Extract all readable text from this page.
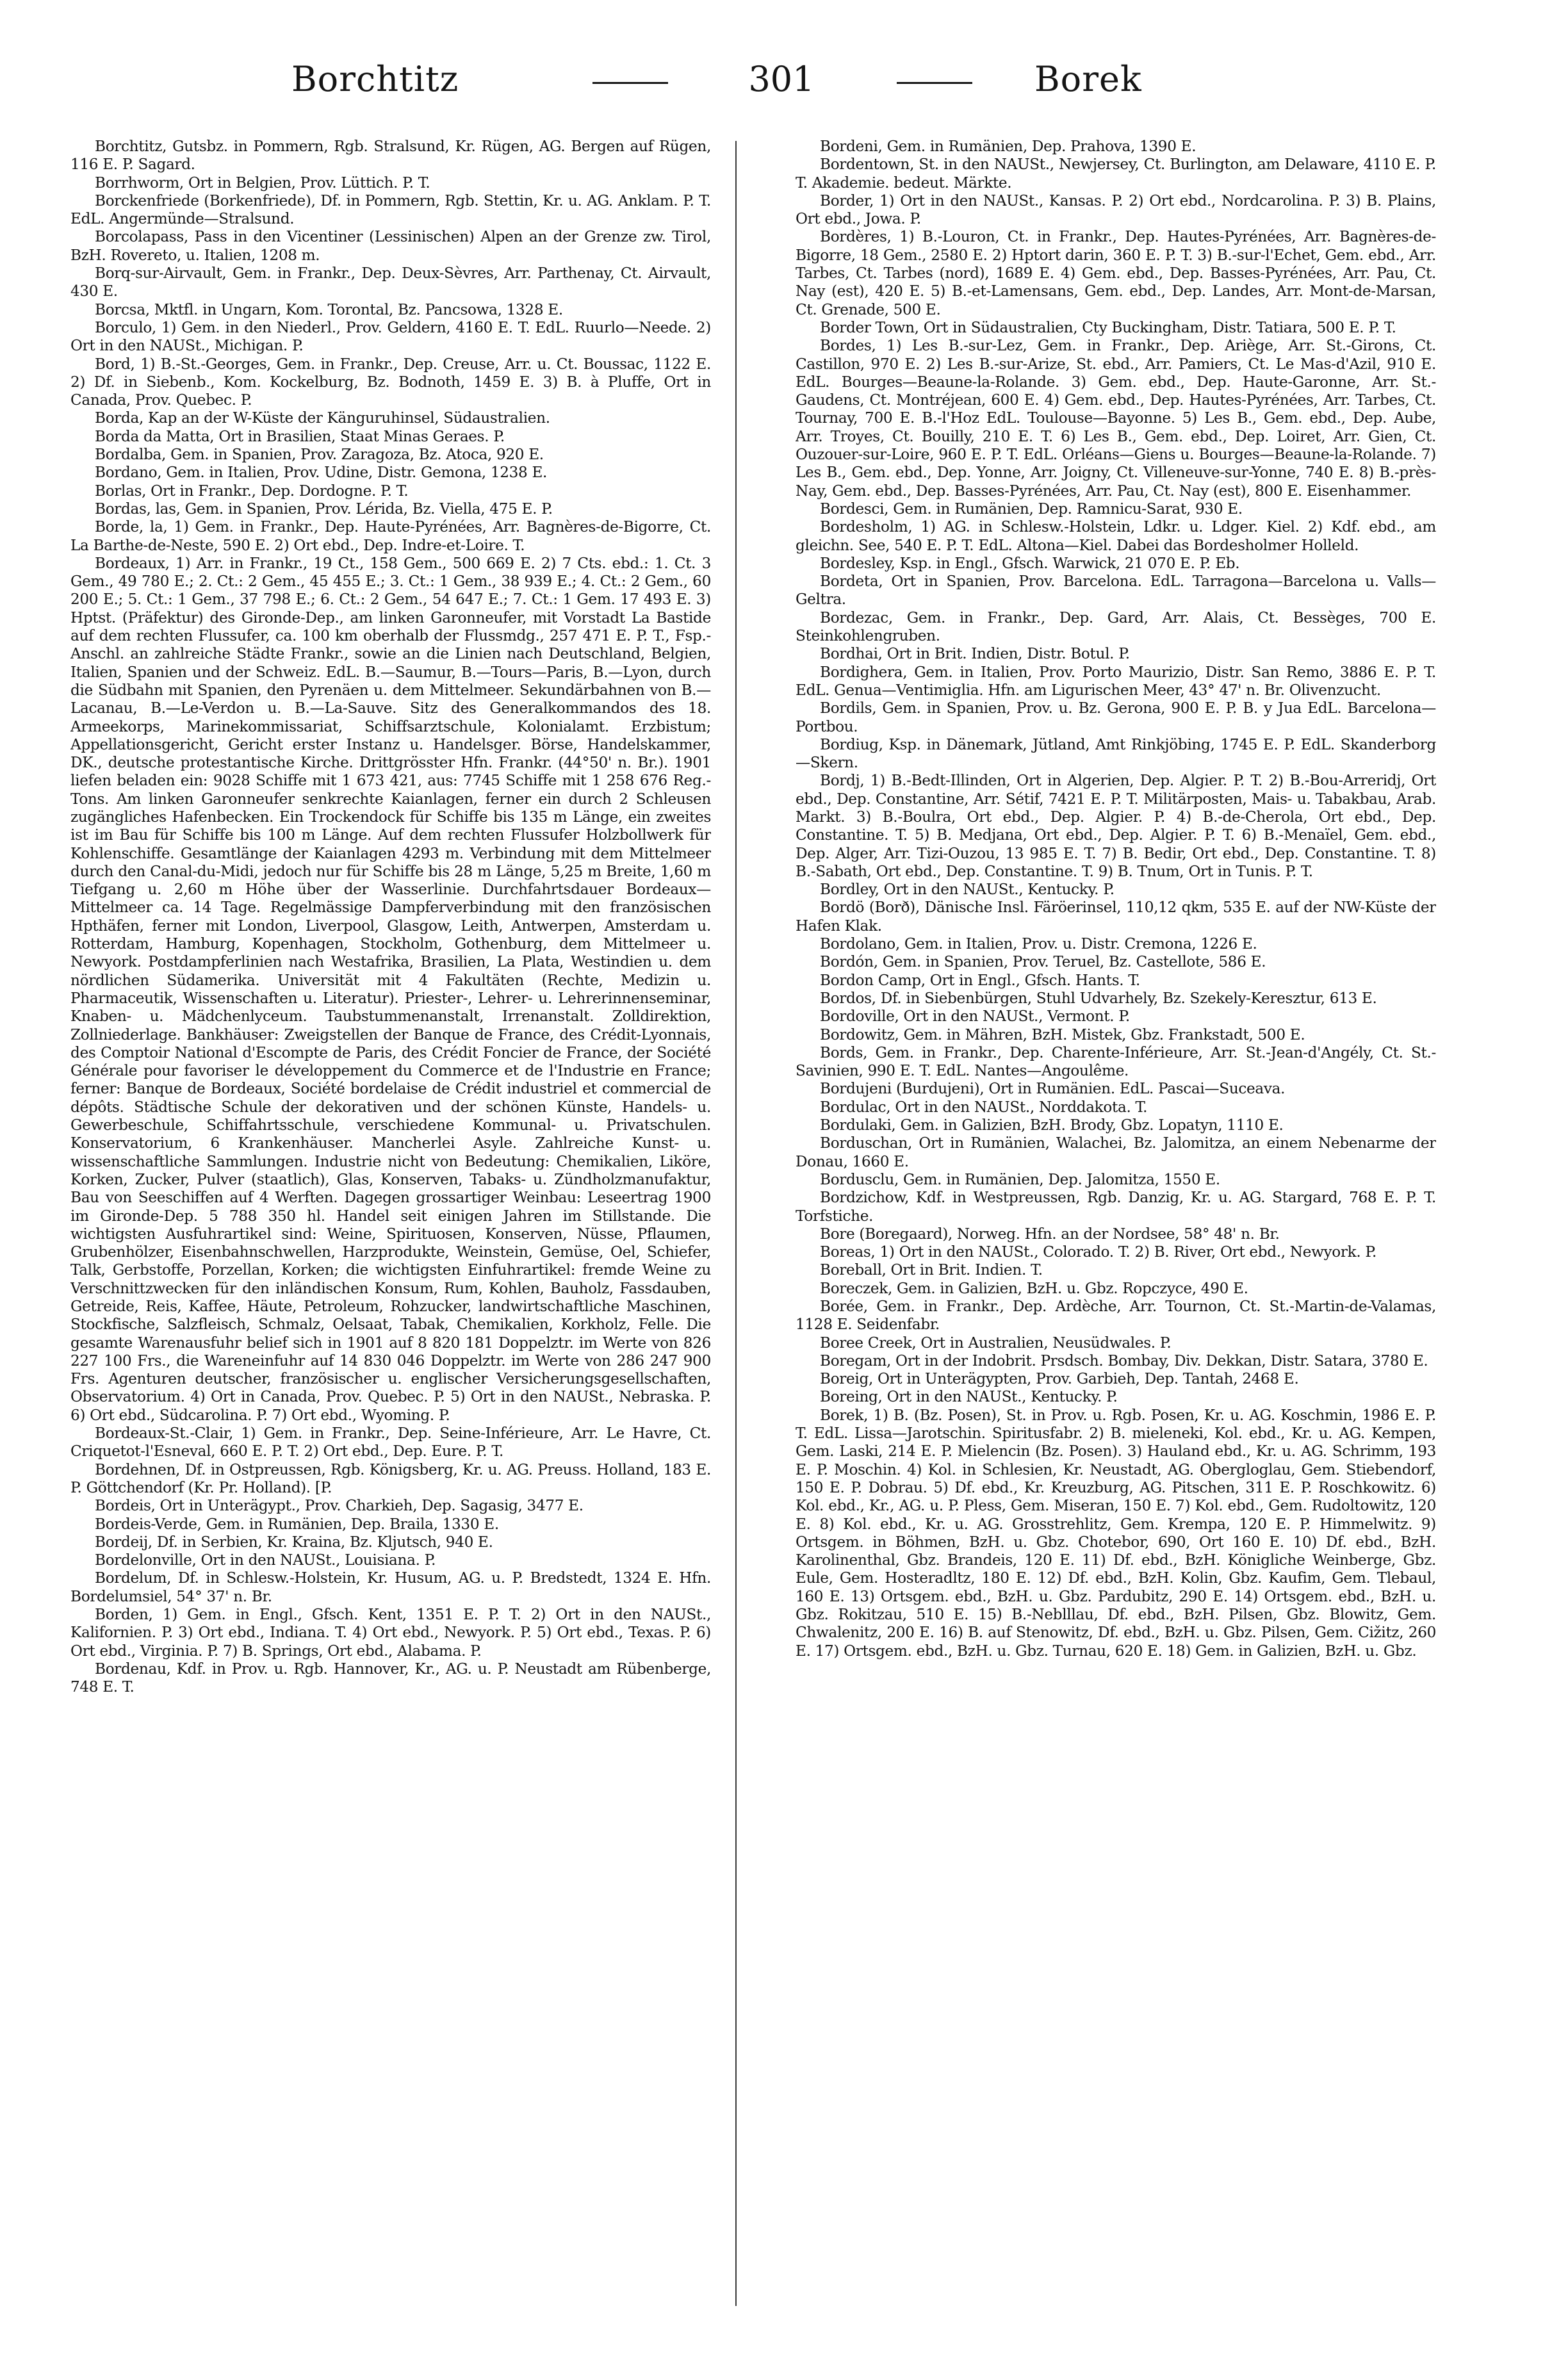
Borchtitz	301	Borek

Borchtitz, Gutsbz. in Pommern, Rgb. Stralsund, Kr. Rügen, AG. Bergen auf Rügen, 116 E. P. Sagard.

Borrhworm, Ort in Belgien, Prov. Lüttich. P. T.

Borckenfriede (Borkenfriede), Df. in Pommern, Rgb. Stettin, Kr. u. AG. Anklam. P. T. EdL. Angermünde—Stralsund.

Borcolapass, Pass in den Vicentiner (Lessinischen) Alpen an der Grenze zw. Tirol, BzH. Rovereto, u. Italien, 1208 m.

Borq-sur-Airvault, Gem. in Frankr., Dep. Deux-Sèvres, Arr. Parthenay, Ct. Airvault, 430 E.

Borcsa, Mktfl. in Ungarn, Kom. Torontal, Bz. Pancsowa, 1328 E.

Borculo, 1) Gem. in den Niederl., Prov. Geldern, 4160 E. T. EdL. Ruurlo—Neede. 2) Ort in den NAUSt., Michigan. P.

Bord, 1) B.-St.-Georges, Gem. in Frankr., Dep. Creuse, Arr. u. Ct. Boussac, 1122 E. 2) Df. in Siebenb., Kom. Kockelburg, Bz. Bodnoth, 1459 E. 3) B. à Pluffe, Ort in Canada, Prov. Quebec. P.

Borda, Kap an der W-Küste der Känguruhinsel, Südaustralien.

Borda da Matta, Ort in Brasilien, Staat Minas Geraes. P.

Bordalba, Gem. in Spanien, Prov. Zaragoza, Bz. Atoca, 920 E.

Bordano, Gem. in Italien, Prov. Udine, Distr. Gemona, 1238 E.

Borlas, Ort in Frankr., Dep. Dordogne. P. T.

Bordas, las, Gem. in Spanien, Prov. Lérida, Bz. Viella, 475 E. P.

Borde, la, 1) Gem. in Frankr., Dep. Haute-Pyrénées, Arr. Bagnères-de-Bigorre, Ct. La Barthe-de-Neste, 590 E. 2) Ort ebd., Dep. Indre-et-Loire. T.

Bordeaux, 1) Arr. in Frankr., 19 Ct., 158 Gem., 500 669 E. 2) 7 Cts. ebd.: 1. Ct. 3 Gem., 49 780 E.; 2. Ct.: 2 Gem., 45 455 E.; 3. Ct.: 1 Gem., 38 939 E.; 4. Ct.: 2 Gem., 60 200 E.; 5. Ct.: 1 Gem., 37 798 E.; 6. Ct.: 2 Gem., 54 647 E.; 7. Ct.: 1 Gem. 17 493 E. 3) Hptst. (Präfektur) des Gironde-Dep., am linken Garonneufer, mit Vorstadt La Bastide auf dem rechten Flussufer, ca. 100 km oberhalb der Flussmdg., 257 471 E. P. T., Fsp.-Anschl. an zahlreiche Städte Frankr., sowie an die Linien nach Deutschland, Belgien, Italien, Spanien und der Schweiz. EdL. B.—Saumur, B.—Tours—Paris, B.—Lyon, durch die Südbahn mit Spanien, den Pyrenäen u. dem Mittelmeer. Sekundärbahnen von B.—Lacanau, B.—Le-Verdon u. B.—La-Sauve. Sitz des Generalkommandos des 18. Armeekorps, Marinekommissariat, Schiffsarztschule, Kolonialamt. Erzbistum; Appellationsgericht, Gericht erster Instanz u. Handelsger. Börse, Handelskammer, DK., deutsche protestantische Kirche. Drittgrösster Hfn. Frankr. (44°50' n. Br.). 1901 liefen beladen ein: 9028 Schiffe mit 1 673 421, aus: 7745 Schiffe mit 1 258 676 Reg.-Tons. Am linken Garonneufer senkrechte Kaianlagen, ferner ein durch 2 Schleusen zugängliches Hafenbecken. Ein Trockendock für Schiffe bis 135 m Länge, ein zweites ist im Bau für Schiffe bis 100 m Länge. Auf dem rechten Flussufer Holzbollwerk für Kohlenschiffe. Gesamtlänge der Kaianlagen 4293 m. Verbindung mit dem Mittelmeer durch den Canal-du-Midi, jedoch nur für Schiffe bis 28 m Länge, 5,25 m Breite, 1,60 m Tiefgang u. 2,60 m Höhe über der Wasserlinie. Durchfahrtsdauer Bordeaux—Mittelmeer ca. 14 Tage. Regelmässige Dampferverbindung mit den französischen Hpthäfen, ferner mit London, Liverpool, Glasgow, Leith, Antwerpen, Amsterdam u. Rotterdam, Hamburg, Kopenhagen, Stockholm, Gothenburg, dem Mittelmeer u. Newyork. Postdampferlinien nach Westafrika, Brasilien, La Plata, Westindien u. dem nördlichen Südamerika. Universität mit 4 Fakultäten (Rechte, Medizin u. Pharmaceutik, Wissenschaften u. Literatur). Priester-, Lehrer- u. Lehrerinnenseminar, Knaben- u. Mädchenlyceum. Taubstummenanstalt, Irrenanstalt. Zolldirektion, Zollniederlage. Bankhäuser: Zweigstellen der Banque de France, des Crédit-Lyonnais, des Comptoir National d'Escompte de Paris, des Crédit Foncier de France, der Société Générale pour favoriser le développement du Commerce et de l'Industrie en France; ferner: Banque de Bordeaux, Société bordelaise de Crédit industriel et commercial de dépôts. Städtische Schule der dekorativen und der schönen Künste, Handels- u. Gewerbeschule, Schiffahrtsschule, verschiedene Kommunal- u. Privatschulen. Konservatorium, 6 Krankenhäuser. Mancherlei Asyle. Zahlreiche Kunst- u. wissenschaftliche Sammlungen. Industrie nicht von Bedeutung: Chemikalien, Liköre, Korken, Zucker, Pulver (staatlich), Glas, Konserven, Tabaks- u. Zündholzmanufaktur, Bau von Seeschiffen auf 4 Werften. Dagegen grossartiger Weinbau: Leseertrag 1900 im Gironde-Dep. 5 788 350 hl. Handel seit einigen Jahren im Stillstande. Die wichtigsten Ausfuhrartikel sind: Weine, Spirituosen, Konserven, Nüsse, Pflaumen, Grubenhölzer, Eisenbahnschwellen, Harzprodukte, Weinstein, Gemüse, Oel, Schiefer, Talk, Gerbstoffe, Porzellan, Korken; die wichtigsten Einfuhrartikel: fremde Weine zu Verschnittzwecken für den inländischen Konsum, Rum, Kohlen, Bauholz, Fassdauben, Getreide, Reis, Kaffee, Häute, Petroleum, Rohzucker, landwirtschaftliche Maschinen, Stockfische, Salzfleisch, Schmalz, Oelsaat, Tabak, Chemikalien, Korkholz, Felle. Die gesamte Warenausfuhr belief sich in 1901 auf 8 820 181 Doppelztr. im Werte von 826 227 100 Frs., die Wareneinfuhr auf 14 830 046 Doppelztr. im Werte von 286 247 900 Frs. Agenturen deutscher, französischer u. englischer Versicherungsgesellschaften, Observatorium. 4) Ort in Canada, Prov. Quebec. P. 5) Ort in den NAUSt., Nebraska. P. 6) Ort ebd., Südcarolina. P. 7) Ort ebd., Wyoming. P.

Bordeaux-St.-Clair, 1) Gem. in Frankr., Dep. Seine-Inférieure, Arr. Le Havre, Ct. Criquetot-l'Esneval, 660 E. P. T. 2) Ort ebd., Dep. Eure. P. T.

Bordehnen, Df. in Ostpreussen, Rgb. Königsberg, Kr. u. AG. Preuss. Holland, 183 E. P. Göttchendorf (Kr. Pr. Holland). [P.

Bordeis, Ort in Unterägypt., Prov. Charkieh, Dep. Sagasig, 3477 E.

Bordeis-Verde, Gem. in Rumänien, Dep. Braila, 1330 E.

Bordeij, Df. in Serbien, Kr. Kraina, Bz. Kljutsch, 940 E.

Bordelonville, Ort in den NAUSt., Louisiana. P.

Bordelum, Df. in Schlesw.-Holstein, Kr. Husum, AG. u. P. Bredstedt, 1324 E. Hfn. Bordelumsiel, 54° 37' n. Br.

Borden, 1) Gem. in Engl., Gfsch. Kent, 1351 E. P. T. 2) Ort in den NAUSt., Kalifornien. P. 3) Ort ebd., Indiana. T. 4) Ort ebd., Newyork. P. 5) Ort ebd., Texas. P. 6) Ort ebd., Virginia. P. 7) B. Springs, Ort ebd., Alabama. P.

Bordenau, Kdf. in Prov. u. Rgb. Hannover, Kr., AG. u. P. Neustadt am Rübenberge, 748 E. T.

Bordeni, Gem. in Rumänien, Dep. Prahova, 1390 E.

Bordentown, St. in den NAUSt., Newjersey, Ct. Burlington, am Delaware, 4110 E. P. T. Akademie. bedeut. Märkte.

Border, 1) Ort in den NAUSt., Kansas. P. 2) Ort ebd., Nordcarolina. P. 3) B. Plains, Ort ebd., Jowa. P.

Bordères, 1) B.-Louron, Ct. in Frankr., Dep. Hautes-Pyrénées, Arr. Bagnères-de-Bigorre, 18 Gem., 2580 E. 2) Hptort darin, 360 E. P. T. 3) B.-sur-l'Echet, Gem. ebd., Arr. Tarbes, Ct. Tarbes (nord), 1689 E. 4) Gem. ebd., Dep. Basses-Pyrénées, Arr. Pau, Ct. Nay (est), 420 E. 5) B.-et-Lamensans, Gem. ebd., Dep. Landes, Arr. Mont-de-Marsan, Ct. Grenade, 500 E.

Border Town, Ort in Südaustralien, Cty Buckingham, Distr. Tatiara, 500 E. P. T.

Bordes, 1) Les B.-sur-Lez, Gem. in Frankr., Dep. Ariège, Arr. St.-Girons, Ct. Castillon, 970 E. 2) Les B.-sur-Arize, St. ebd., Arr. Pamiers, Ct. Le Mas-d'Azil, 910 E. EdL. Bourges—Beaune-la-Rolande. 3) Gem. ebd., Dep. Haute-Garonne, Arr. St.-Gaudens, Ct. Montréjean, 600 E. 4) Gem. ebd., Dep. Hautes-Pyrénées, Arr. Tarbes, Ct. Tournay, 700 E. B.-l'Hoz EdL. Toulouse—Bayonne. 5) Les B., Gem. ebd., Dep. Aube, Arr. Troyes, Ct. Bouilly, 210 E. T. 6) Les B., Gem. ebd., Dep. Loiret, Arr. Gien, Ct. Ouzouer-sur-Loire, 960 E. P. T. EdL. Orléans—Giens u. Bourges—Beaune-la-Rolande. 7) Les B., Gem. ebd., Dep. Yonne, Arr. Joigny, Ct. Villeneuve-sur-Yonne, 740 E. 8) B.-près-Nay, Gem. ebd., Dep. Basses-Pyrénées, Arr. Pau, Ct. Nay (est), 800 E. Eisenhammer.

Bordesci, Gem. in Rumänien, Dep. Ramnicu-Sarat, 930 E.

Bordesholm, 1) AG. in Schlesw.-Holstein, Ldkr. u. Ldger. Kiel. 2) Kdf. ebd., am gleichn. See, 540 E. P. T. EdL. Altona—Kiel. Dabei das Bordesholmer Holleld.

Bordesley, Ksp. in Engl., Gfsch. Warwick, 21 070 E. P. Eb.

Bordeta, Ort in Spanien, Prov. Barcelona. EdL. Tarragona—Barcelona u. Valls—Geltra.

Bordezac, Gem. in Frankr., Dep. Gard, Arr. Alais, Ct. Bessèges, 700 E. Steinkohlengruben.

Bordhai, Ort in Brit. Indien, Distr. Botul. P.

Bordighera, Gem. in Italien, Prov. Porto Maurizio, Distr. San Remo, 3886 E. P. T. EdL. Genua—Ventimiglia. Hfn. am Ligurischen Meer, 43° 47' n. Br. Olivenzucht.

Bordils, Gem. in Spanien, Prov. u. Bz. Gerona, 900 E. P. B. y Jua EdL. Barcelona—Portbou.

Bordiug, Ksp. in Dänemark, Jütland, Amt Rinkjöbing, 1745 E. P. EdL. Skanderborg—Skern.

Bordj, 1) B.-Bedt-Illinden, Ort in Algerien, Dep. Algier. P. T. 2) B.-Bou-Arreridj, Ort ebd., Dep. Constantine, Arr. Sétif, 7421 E. P. T. Militärposten, Mais- u. Tabakbau, Arab. Markt. 3) B.-Boulra, Ort ebd., Dep. Algier. P. 4) B.-de-Cherola, Ort ebd., Dep. Constantine. T. 5) B. Medjana, Ort ebd., Dep. Algier. P. T. 6) B.-Menaïel, Gem. ebd., Dep. Alger, Arr. Tizi-Ouzou, 13 985 E. T. 7) B. Bedir, Ort ebd., Dep. Constantine. T. 8) B.-Sabath, Ort ebd., Dep. Constantine. T. 9) B. Tnum, Ort in Tunis. P. T.

Bordley, Ort in den NAUSt., Kentucky. P.

Bordö (Borð), Dänische Insl. Färöerinsel, 110,12 qkm, 535 E. auf der NW-Küste der Hafen Klak.

Bordolano, Gem. in Italien, Prov. u. Distr. Cremona, 1226 E.

Bordón, Gem. in Spanien, Prov. Teruel, Bz. Castellote, 586 E.

Bordon Camp, Ort in Engl., Gfsch. Hants. T.

Bordos, Df. in Siebenbürgen, Stuhl Udvarhely, Bz. Szekely-Keresztur, 613 E.

Bordoville, Ort in den NAUSt., Vermont. P.

Bordowitz, Gem. in Mähren, BzH. Mistek, Gbz. Frankstadt, 500 E.

Bords, Gem. in Frankr., Dep. Charente-Inférieure, Arr. St.-Jean-d'Angély, Ct. St.-Savinien, 990 E. T. EdL. Nantes—Angoulême.

Bordujeni (Burdujeni), Ort in Rumänien. EdL. Pascai—Suceava.

Bordulac, Ort in den NAUSt., Norddakota. T.

Bordulaki, Gem. in Galizien, BzH. Brody, Gbz. Lopatyn, 1110 E.

Borduschan, Ort in Rumänien, Walachei, Bz. Jalomitza, an einem Nebenarme der Donau, 1660 E.

Bordusclu, Gem. in Rumänien, Dep. Jalomitza, 1550 E.

Bordzichow, Kdf. in Westpreussen, Rgb. Danzig, Kr. u. AG. Stargard, 768 E. P. T. Torfstiche.

Bore (Boregaard), Norweg. Hfn. an der Nordsee, 58° 48' n. Br.

Boreas, 1) Ort in den NAUSt., Colorado. T. 2) B. River, Ort ebd., Newyork. P.

Boreball, Ort in Brit. Indien. T.

Boreczek, Gem. in Galizien, BzH. u. Gbz. Ropczyce, 490 E.

Borée, Gem. in Frankr., Dep. Ardèche, Arr. Tournon, Ct. St.-Martin-de-Valamas, 1128 E. Seidenfabr.

Boree Creek, Ort in Australien, Neusüdwales. P.

Boregam, Ort in der Indobrit. Prsdsch. Bombay, Div. Dekkan, Distr. Satara, 3780 E.

Boreig, Ort in Unterägypten, Prov. Garbieh, Dep. Tantah, 2468 E.

Boreing, Ort in den NAUSt., Kentucky. P.

Borek, 1) B. (Bz. Posen), St. in Prov. u. Rgb. Posen, Kr. u. AG. Koschmin, 1986 E. P. T. EdL. Lissa—Jarotschin. Spiritusfabr. 2) B. mieleneki, Kol. ebd., Kr. u. AG. Kempen, Gem. Laski, 214 E. P. Mielencin (Bz. Posen). 3) Hauland ebd., Kr. u. AG. Schrimm, 193 E. P. Moschin. 4) Kol. in Schlesien, Kr. Neustadt, AG. Obergloglau, Gem. Stiebendorf, 150 E. P. Dobrau. 5) Df. ebd., Kr. Kreuzburg, AG. Pitschen, 311 E. P. Roschkowitz. 6) Kol. ebd., Kr., AG. u. P. Pless, Gem. Miseran, 150 E. 7) Kol. ebd., Gem. Rudoltowitz, 120 E. 8) Kol. ebd., Kr. u. AG. Grosstrehlitz, Gem. Krempa, 120 E. P. Himmelwitz. 9) Ortsgem. in Böhmen, BzH. u. Gbz. Chotebor, 690, Ort 160 E. 10) Df. ebd., BzH. Karolinenthal, Gbz. Brandeis, 120 E. 11) Df. ebd., BzH. Königliche Weinberge, Gbz. Eule, Gem. Hosteradltz, 180 E. 12) Df. ebd., BzH. Kolin, Gbz. Kaufim, Gem. Tlebaul, 160 E. 13) Ortsgem. ebd., BzH. u. Gbz. Pardubitz, 290 E. 14) Ortsgem. ebd., BzH. u. Gbz. Rokitzau, 510 E. 15) B.-Neblllau, Df. ebd., BzH. Pilsen, Gbz. Blowitz, Gem. Chwalenitz, 200 E. 16) B. auf Stenowitz, Df. ebd., BzH. u. Gbz. Pilsen, Gem. Cižitz, 260 E. 17) Ortsgem. ebd., BzH. u. Gbz. Turnau, 620 E. 18) Gem. in Galizien, BzH. u. Gbz.
